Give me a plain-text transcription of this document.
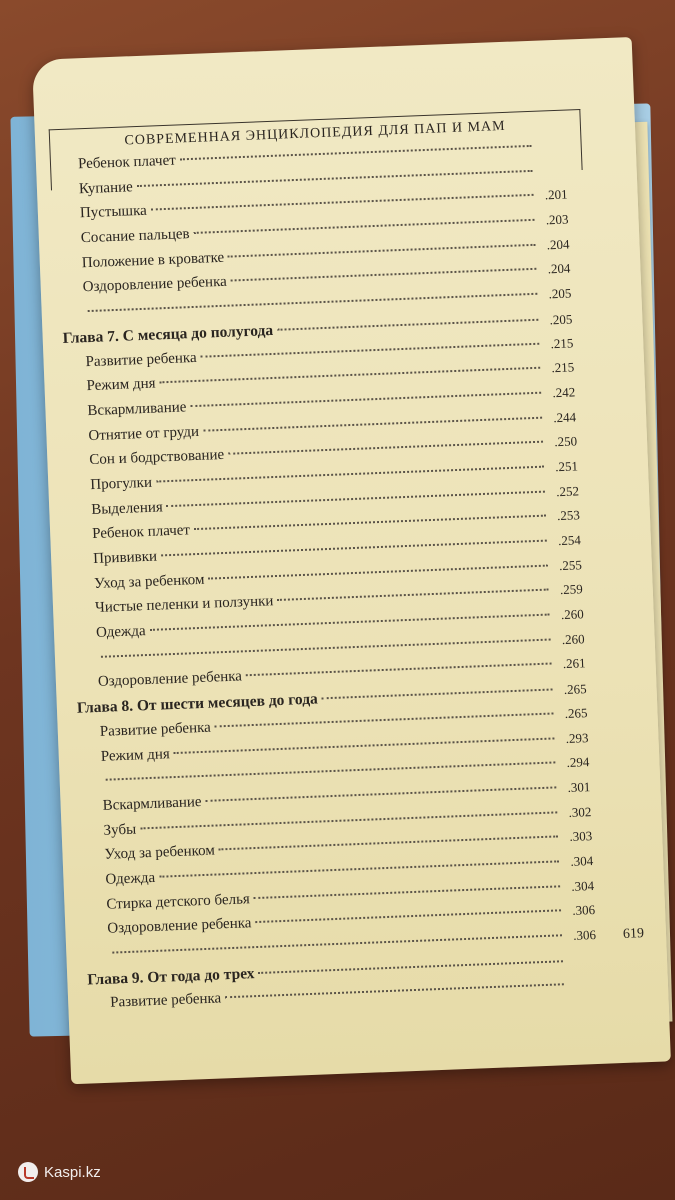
СОВРЕМЕННАЯ ЭНЦИКЛОПЕДИЯ ДЛЯ ПАП И МАМ
Ребенок плачет
Купание
Пустышка
.201
Сосание пальцев
.203
Положение в кроватке
.204
Оздоровление ребенка
.204
.205
Глава 7. С месяца до полугода
.205
Развитие ребенка
.215
Режим дня
.215
Вскармливание
.242
Отнятие от груди
.244
Сон и бодрствование
.250
Прогулки
.251
Выделения
.252
Ребенок плачет
.253
Прививки
.254
Уход за ребенком
.255
Чистые пеленки и ползунки
.259
Одежда
.260
.260
Оздоровление ребенка
.261
Глава 8. От шести месяцев до года
.265
Развитие ребенка
.265
Режим дня
.293
.294
Вскармливание
.301
Зубы
.302
Уход за ребенком
.303
Одежда
.304
Стирка детского белья
.304
Оздоровление ребенка
.306
.306
Глава 9. От года до трех
Развитие ребенка
619
Kaspi.kz
